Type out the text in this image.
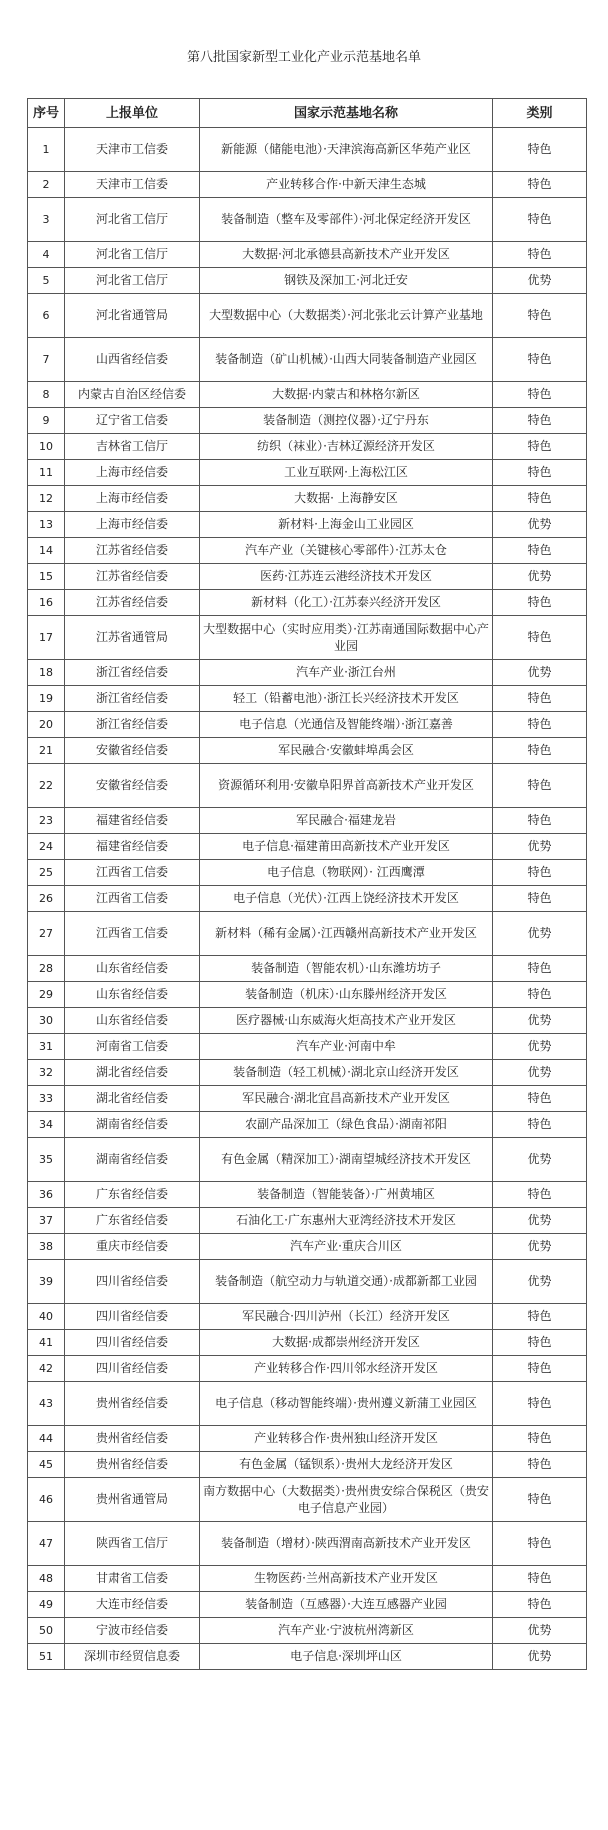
第八批国家新型工业化产业示范基地名单
序号	上报单位	国家示范基地名称	类别
1	天津市工信委	新能源（储能电池）·天津滨海高新区华苑产业区	特色
2	天津市工信委	产业转移合作·中新天津生态城	特色
3	河北省工信厅	装备制造（整车及零部件）·河北保定经济开发区	特色
4	河北省工信厅	大数据·河北承德县高新技术产业开发区	特色
5	河北省工信厅	钢铁及深加工·河北迁安	优势
6	河北省通管局	大型数据中心（大数据类）·河北张北云计算产业基地	特色
7	山西省经信委	装备制造（矿山机械）·山西大同装备制造产业园区	特色
8	内蒙古自治区经信委	大数据·内蒙古和林格尔新区	特色
9	辽宁省工信委	装备制造（测控仪器）·辽宁丹东	特色
10	吉林省工信厅	纺织（袜业）·吉林辽源经济开发区	特色
11	上海市经信委	工业互联网·上海松江区	特色
12	上海市经信委	大数据· 上海静安区	特色
13	上海市经信委	新材料·上海金山工业园区	优势
14	江苏省经信委	汽车产业（关键核心零部件）·江苏太仓	特色
15	江苏省经信委	医药·江苏连云港经济技术开发区	优势
16	江苏省经信委	新材料（化工）·江苏泰兴经济开发区	特色
17	江苏省通管局	大型数据中心（实时应用类）·江苏南通国际数据中心产业园	特色
18	浙江省经信委	汽车产业·浙江台州	优势
19	浙江省经信委	轻工（铅蓄电池）·浙江长兴经济技术开发区	特色
20	浙江省经信委	电子信息（光通信及智能终端）·浙江嘉善	特色
21	安徽省经信委	军民融合·安徽蚌埠禹会区	特色
22	安徽省经信委	资源循环利用·安徽阜阳界首高新技术产业开发区	特色
23	福建省经信委	军民融合·福建龙岩	特色
24	福建省经信委	电子信息·福建莆田高新技术产业开发区	优势
25	江西省工信委	电子信息（物联网）· 江西鹰潭	特色
26	江西省工信委	电子信息（光伏）·江西上饶经济技术开发区	特色
27	江西省工信委	新材料（稀有金属）·江西赣州高新技术产业开发区	优势
28	山东省经信委	装备制造（智能农机）·山东潍坊坊子	特色
29	山东省经信委	装备制造（机床）·山东滕州经济开发区	特色
30	山东省经信委	医疗器械·山东威海火炬高技术产业开发区	优势
31	河南省工信委	汽车产业·河南中牟	优势
32	湖北省经信委	装备制造（轻工机械）·湖北京山经济开发区	优势
33	湖北省经信委	军民融合·湖北宜昌高新技术产业开发区	特色
34	湖南省经信委	农副产品深加工（绿色食品）·湖南祁阳	特色
35	湖南省经信委	有色金属（精深加工）·湖南望城经济技术开发区	优势
36	广东省经信委	装备制造（智能装备）·广州黄埔区	特色
37	广东省经信委	石油化工·广东惠州大亚湾经济技术开发区	优势
38	重庆市经信委	汽车产业·重庆合川区	优势
39	四川省经信委	装备制造（航空动力与轨道交通）·成都新都工业园	优势
40	四川省经信委	军民融合·四川泸州（长江）经济开发区	特色
41	四川省经信委	大数据·成都崇州经济开发区	特色
42	四川省经信委	产业转移合作·四川邻水经济开发区	特色
43	贵州省经信委	电子信息（移动智能终端）·贵州遵义新蒲工业园区	特色
44	贵州省经信委	产业转移合作·贵州独山经济开发区	特色
45	贵州省经信委	有色金属（锰钡系）·贵州大龙经济开发区	特色
46	贵州省通管局	南方数据中心（大数据类）·贵州贵安综合保税区（贵安电子信息产业园）	特色
47	陕西省工信厅	装备制造（增材）·陕西渭南高新技术产业开发区	特色
48	甘肃省工信委	生物医药·兰州高新技术产业开发区	特色
49	大连市经信委	装备制造（互感器）·大连互感器产业园	特色
50	宁波市经信委	汽车产业·宁波杭州湾新区	优势
51	深圳市经贸信息委	电子信息·深圳坪山区	优势
